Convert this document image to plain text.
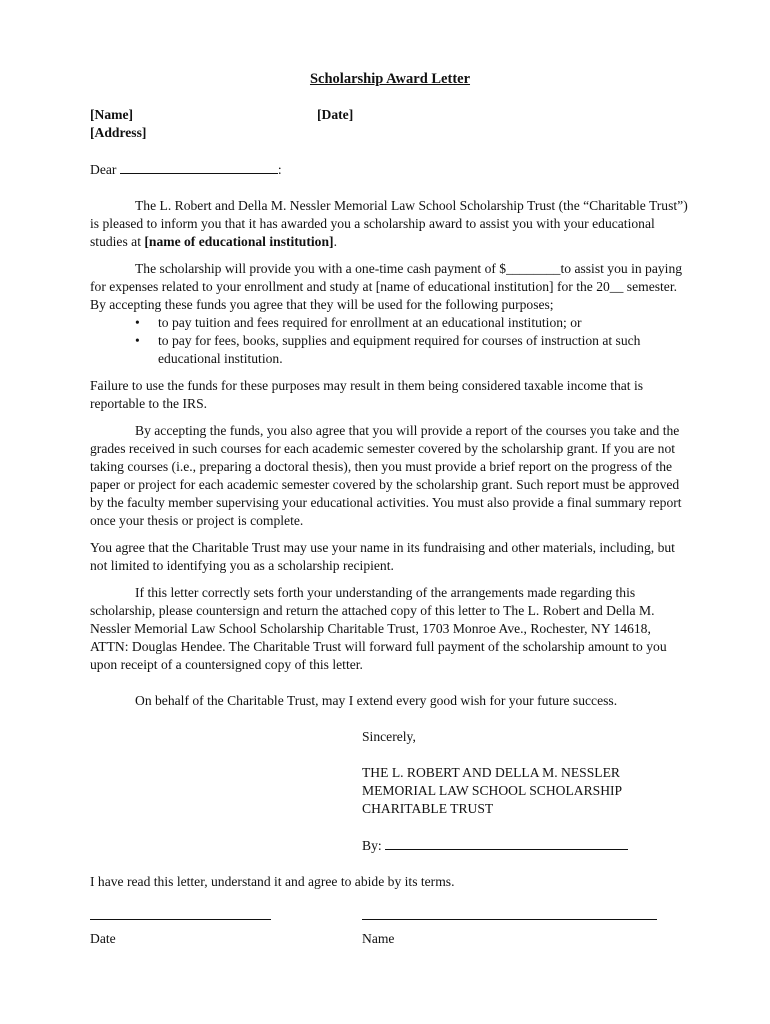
Scholarship Award Letter
[Name]	[Date]
[Address]

Dear	:

The L. Robert and Della M. Nessler Memorial Law School Scholarship Trust (the “Charitable Trust”) is pleased to inform you that it has awarded you a scholarship award to assist you with your educational studies at [name of educational institution].

The scholarship will provide you with a one-time cash payment of $________to assist you in paying for expenses related to your enrollment and study at [name of educational institution] for the 20__ semester. By accepting these funds you agree that they will be used for the following purposes;

• to pay tuition and fees required for enrollment at an educational institution; or
• to pay for fees, books, supplies and equipment required for courses of instruction at such educational institution.

Failure to use the funds for these purposes may result in them being considered taxable income that is reportable to the IRS.

By accepting the funds, you also agree that you will provide a report of the courses you take and the grades received in such courses for each academic semester covered by the scholarship grant. If you are not taking courses (i.e., preparing a doctoral thesis), then you must provide a brief report on the progress of the paper or project for each academic semester covered by the scholarship grant. Such report must be approved by the faculty member supervising your educational activities. You must also provide a final summary report once your thesis or project is complete.

You agree that the Charitable Trust may use your name in its fundraising and other materials, including, but not limited to identifying you as a scholarship recipient.

If this letter correctly sets forth your understanding of the arrangements made regarding this scholarship, please countersign and return the attached copy of this letter to The L. Robert and Della M. Nessler Memorial Law School Scholarship Charitable Trust, 1703 Monroe Ave., Rochester, NY 14618, ATTN: Douglas Hendee. The Charitable Trust will forward full payment of the scholarship amount to you upon receipt of a countersigned copy of this letter.

On behalf of the Charitable Trust, may I extend every good wish for your future success.

Sincerely,

THE L. ROBERT AND DELLA M. NESSLER
MEMORIAL LAW SCHOOL SCHOLARSHIP
CHARITABLE TRUST

By:

I have read this letter, understand it and agree to abide by its terms.

Date	Name
